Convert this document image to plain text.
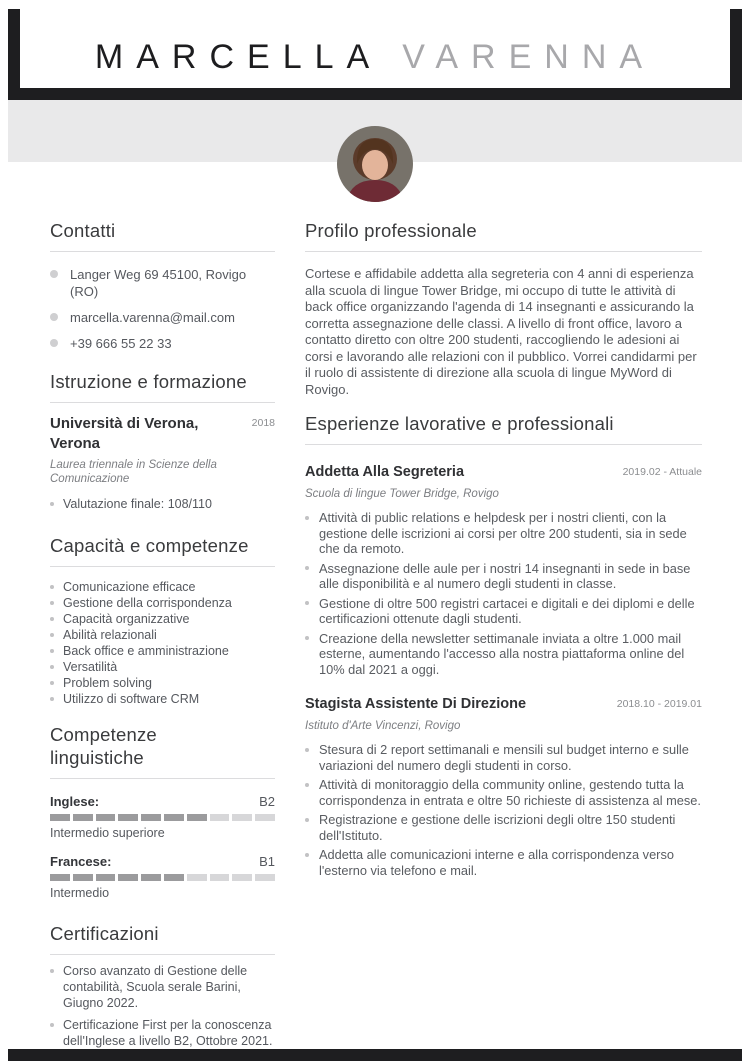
MARCELLA VARENNA
Contatti
Langer Weg 69 45100, Rovigo (RO)
marcella.varenna@mail.com
+39 666 55 22 33
Istruzione e formazione
Università di Verona, Verona
2018
Laurea triennale in Scienze della Comunicazione
Valutazione finale: 108/110
Capacità e competenze
Comunicazione efficace
Gestione della corrispondenza
Capacità organizzative
Abilità relazionali
Back office e amministrazione
Versatilità
Problem solving
Utilizzo di software CRM
Competenze linguistiche
Inglese:	B2
Intermedio superiore
Francese:	B1
Intermedio
Certificazioni
Corso avanzato di Gestione delle contabilità, Scuola serale Barini, Giugno 2022.
Certificazione First per la conoscenza dell'Inglese a livello B2, Ottobre 2021.
Profilo professionale

Cortese e affidabile addetta alla segreteria con 4 anni di esperienza alla scuola di lingue Tower Bridge, mi occupo di tutte le attività di back office organizzando l'agenda di 14 insegnanti e assicurando la corretta assegnazione delle classi. A livello di front office, lavoro a contatto diretto con oltre 200 studenti, raccogliendo le adesioni ai corsi e lavorando alle relazioni con il pubblico. Vorrei candidarmi per il ruolo di assistente di direzione alla scuola di lingue MyWord di Rovigo.

Esperienze lavorative e professionali
Addetta Alla Segreteria	2019.02 - Attuale
Scuola di lingue Tower Bridge, Rovigo
Attività di public relations e helpdesk per i nostri clienti, con la gestione delle iscrizioni ai corsi per oltre 200 studenti, sia in sede che da remoto.
Assegnazione delle aule per i nostri 14 insegnanti in sede in base alle disponibilità e al numero degli studenti in classe.
Gestione di oltre 500 registri cartacei e digitali e dei diplomi e delle certificazioni ottenute dagli studenti.
Creazione della newsletter settimanale inviata a oltre 1.000 mail esterne, aumentando l'accesso alla nostra piattaforma online del 10% dal 2021 a oggi.
Stagista Assistente Di Direzione	2018.10 - 2019.01
Istituto d'Arte Vincenzi, Rovigo
Stesura di 2 report settimanali e mensili sul budget interno e sulle variazioni del numero degli studenti in corso.
Attività di monitoraggio della community online, gestendo tutta la corrispondenza in entrata e oltre 50 richieste di assistenza al mese.
Registrazione e gestione delle iscrizioni degli oltre 150 studenti dell'Istituto.
Addetta alle comunicazioni interne e alla corrispondenza verso l'esterno via telefono e mail.
